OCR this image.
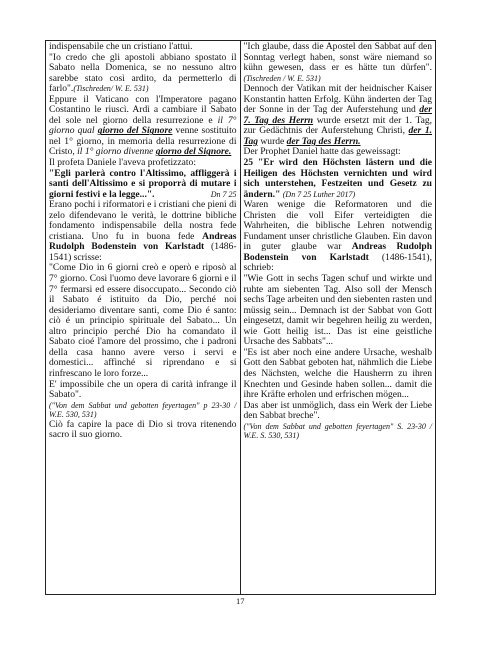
indispensabile che un cristiano l'attui.

"Io credo che gli apostoli abbiano spostato il Sabato nella Domenica, se no nessuno altro sarebbe stato così ardito, da permetterlo di farlo".(Tischreden/ W. E. 531)

Eppure il Vaticano con l'Imperatore pagano Costantino le riuscì. Ardì a cambiare il Sabato del sole nel giorno della resurrezione e il 7° giorno qual giorno del Signore venne sostituito nel 1° giorno, in memoria della resurrezione di Cristo, il 1° giorno divenne giorno del Signore.

Il profeta Daniele l'aveva profetizzato:

"Egli parlerà contro l'Altissimo, affliggerà i santi dell'Altissimo e si proporrà di mutare i giorni festivi e la legge...".	Dn 7 25

Erano pochi i riformatori e i cristiani che pieni di zelo difendevano le verità, le dottrine bibliche fondamento indispensabile della nostra fede cristiana. Uno fu in buona fede Andreas Rudolph Bodenstein von Karlstadt (1486-1541) scrisse:

"Come Dio in 6 giorni creò e operò e riposò al 7° giorno. Così l'uomo deve lavorare 6 giorni e il 7° fermarsi ed essere disoccupato... Secondo ciò il Sabato é istituito da Dio, perché noi desideriamo diventare santi, come Dio é santo: ciò é un principio spirituale del Sabato... Un altro principio perché Dio ha comandato il Sabato cioé l'amore del prossimo, che i padroni della casa hanno avere verso i servi e domestici... affinché si riprendano e si rinfrescano le loro forze...

E' impossibile che un opera di carità infrange il Sabato".

("Von dem Sabbat und gebotten feyertagen" p 23-30 / W.E. 530, 531)

Ciò fa capire la pace di Dio si trova ritenendo sacro il suo giorno.

"Ich glaube, dass die Apostel den Sabbat auf den Sonntag verlegt haben, sonst wäre niemand so kühn gewesen, dass er es hätte tun dürfen".(Tischreden / W. E. 531)

Dennoch der Vatikan mit der heidnischer Kaiser Konstantin hatten Erfolg. Kühn änderten der Tag der Sonne in der Tag der Auferstehung und der 7. Tag des Herrn wurde ersetzt mit der 1. Tag, zur Gedächtnis der Auferstehung Christi, der 1. Tag wurde der Tag des Herrn.

Der Prophet Daniel hatte das geweissagt:

25 "Er wird den Höchsten lästern und die Heiligen des Höchsten vernichten und wird sich unterstehen, Festzeiten und Gesetz zu ändern." (Dn 7 25 Luther 2017)

Waren wenige die Reformatoren und die Christen die voll Eifer verteidigten die Wahrheiten, die biblische Lehren notwendig Fundament unser christliche Glauben. Ein davon in guter glaube war Andreas Rudolph Bodenstein von Karlstadt (1486-1541), schrieb:

"Wie Gott in sechs Tagen schuf und wirkte und ruhte am siebenten Tag. Also soll der Mensch sechs Tage arbeiten und den siebenten rasten und müssig sein... Demnach ist der Sabbat von Gott eingesetzt, damit wir begehren heilig zu werden, wie Gott heilig ist... Das ist eine geistliche Ursache des Sabbats"...

"Es ist aber noch eine andere Ursache, weshalb Gott den Sabbat geboten hat, nähmlich die Liebe des Nächsten, welche die Hausherrn zu ihren Knechten und Gesinde haben sollen... damit die ihre Kräfte erholen und erfrischen mögen...

Das aber ist unmöglich, dass ein Werk der Liebe den Sabbat breche".

("Von dem Sabbat und gebotten feyertagen" S. 23-30 / W.E. S. 530, 531)

17
